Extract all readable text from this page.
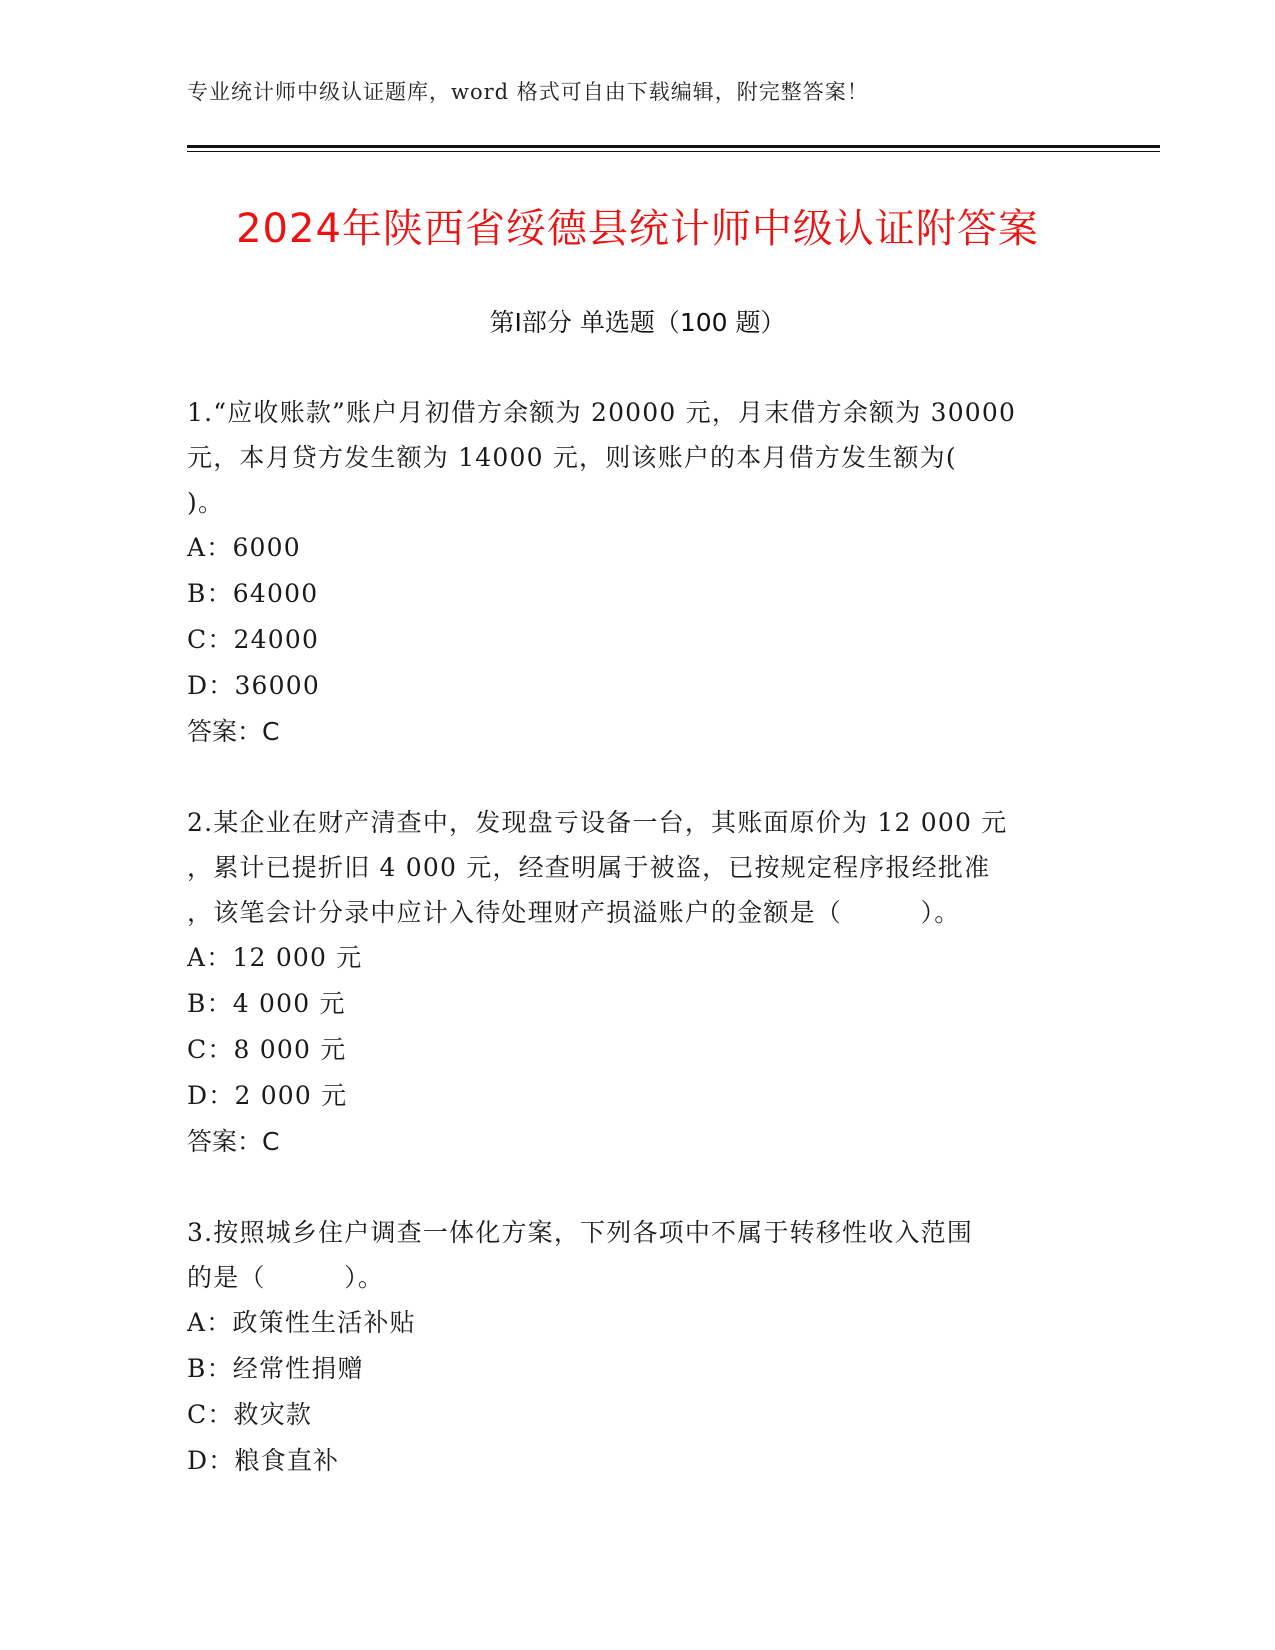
专业统计师中级认证题库，word 格式可自由下载编辑，附完整答案！
2024年陕西省绥德县统计师中级认证附答案
第Ⅰ部分 单选题（100 题）
1.“应收账款”账户月初借方余额为 20000 元，月末借方余额为 30000
元，本月贷方发生额为 14000 元，则该账户的本月借方发生额为(
)。
A：6000
B：64000
C：24000
D：36000
答案：C
2.某企业在财产清查中，发现盘亏设备一台，其账面原价为 12 000 元
，累计已提折旧 4 000 元，经查明属于被盗，已按规定程序报经批准
，该笔会计分录中应计入待处理财产损溢账户的金额是（　　　）。
A：12 000 元
B：4 000 元
C：8 000 元
D：2 000 元
答案：C
3.按照城乡住户调查一体化方案，下列各项中不属于转移性收入范围
的是（　　　）。
A：政策性生活补贴
B：经常性捐赠
C：救灾款
D：粮食直补
